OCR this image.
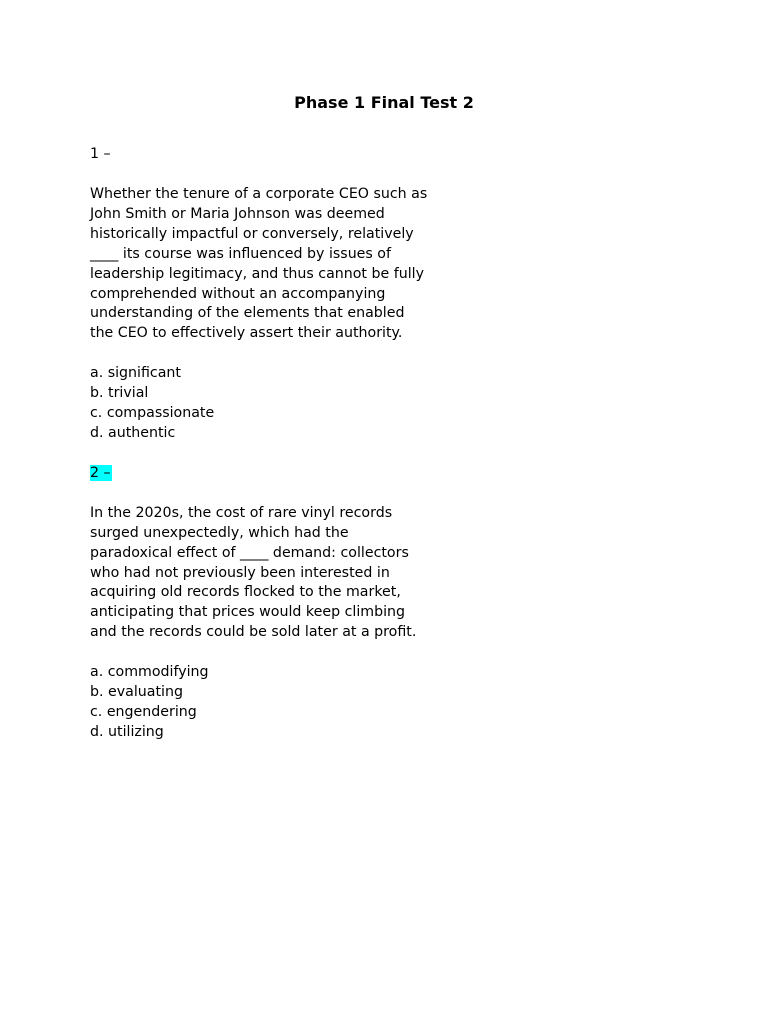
Phase 1 Final Test 2

1 –

Whether the tenure of a corporate CEO such as John Smith or Maria Johnson was deemed historically impactful or conversely, relatively ____ its course was influenced by issues of leadership legitimacy, and thus cannot be fully comprehended without an accompanying understanding of the elements that enabled the CEO to effectively assert their authority.

a. significant
b. trivial
c. compassionate
d. authentic

2 –

In the 2020s, the cost of rare vinyl records surged unexpectedly, which had the paradoxical effect of ____ demand: collectors who had not previously been interested in acquiring old records flocked to the market, anticipating that prices would keep climbing and the records could be sold later at a profit.

a. commodifying
b. evaluating
c. engendering
d. utilizing
